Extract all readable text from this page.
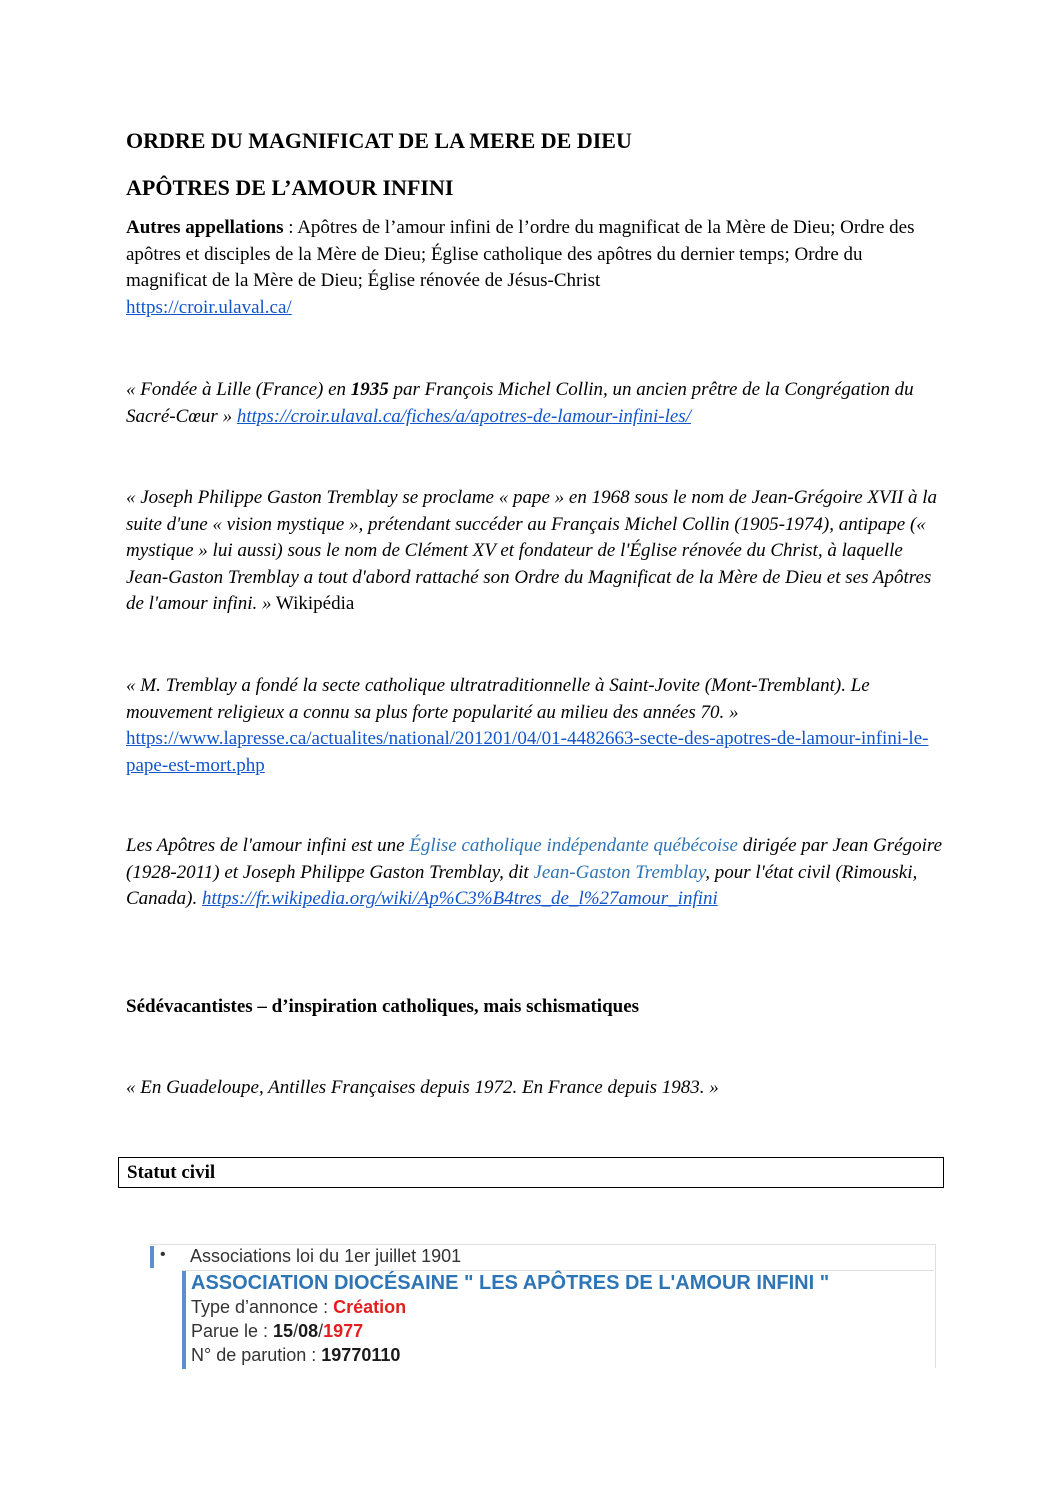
ORDRE DU MAGNIFICAT DE LA MERE DE DIEU
APÔTRES DE L’AMOUR INFINI
Autres appellations : Apôtres de l’amour infini de l’ordre du magnificat de la Mère de Dieu; Ordre des apôtres et disciples de la Mère de Dieu; Église catholique des apôtres du dernier temps; Ordre du magnificat de la Mère de Dieu; Église rénovée de Jésus-Christ
https://croir.ulaval.ca/
« Fondée à Lille (France) en 1935 par François Michel Collin, un ancien prêtre de la Congrégation du Sacré-Cœur » https://croir.ulaval.ca/fiches/a/apotres-de-lamour-infini-les/
« Joseph Philippe Gaston Tremblay se proclame « pape » en 1968 sous le nom de Jean-Grégoire XVII à la suite d'une « vision mystique », prétendant succéder au Français Michel Collin (1905-1974), antipape (« mystique » lui aussi) sous le nom de Clément XV et fondateur de l'Église rénovée du Christ, à laquelle Jean-Gaston Tremblay a tout d'abord rattaché son Ordre du Magnificat de la Mère de Dieu et ses Apôtres de l'amour infini. » Wikipédia
« M. Tremblay a fondé la secte catholique ultratraditionnelle à Saint-Jovite (Mont-Tremblant). Le mouvement religieux a connu sa plus forte popularité au milieu des années 70. » https://www.lapresse.ca/actualites/national/201201/04/01-4482663-secte-des-apotres-de-lamour-infini-le-pape-est-mort.php
Les Apôtres de l'amour infini est une Église catholique indépendante québécoise dirigée par Jean Grégoire (1928-2011) et Joseph Philippe Gaston Tremblay, dit Jean-Gaston Tremblay, pour l'état civil (Rimouski, Canada). https://fr.wikipedia.org/wiki/Ap%C3%B4tres_de_l%27amour_infini
Sédévacantistes – d’inspiration catholiques, mais schismatiques
« En Guadeloupe, Antilles Françaises depuis 1972. En France depuis 1983. »
Statut civil
• Associations loi du 1er juillet 1901
ASSOCIATION DIOCÉSAINE " LES APÔTRES DE L'AMOUR INFINI "
Type d’annonce : Création
Parue le : 15/08/1977
N° de parution : 19770110
